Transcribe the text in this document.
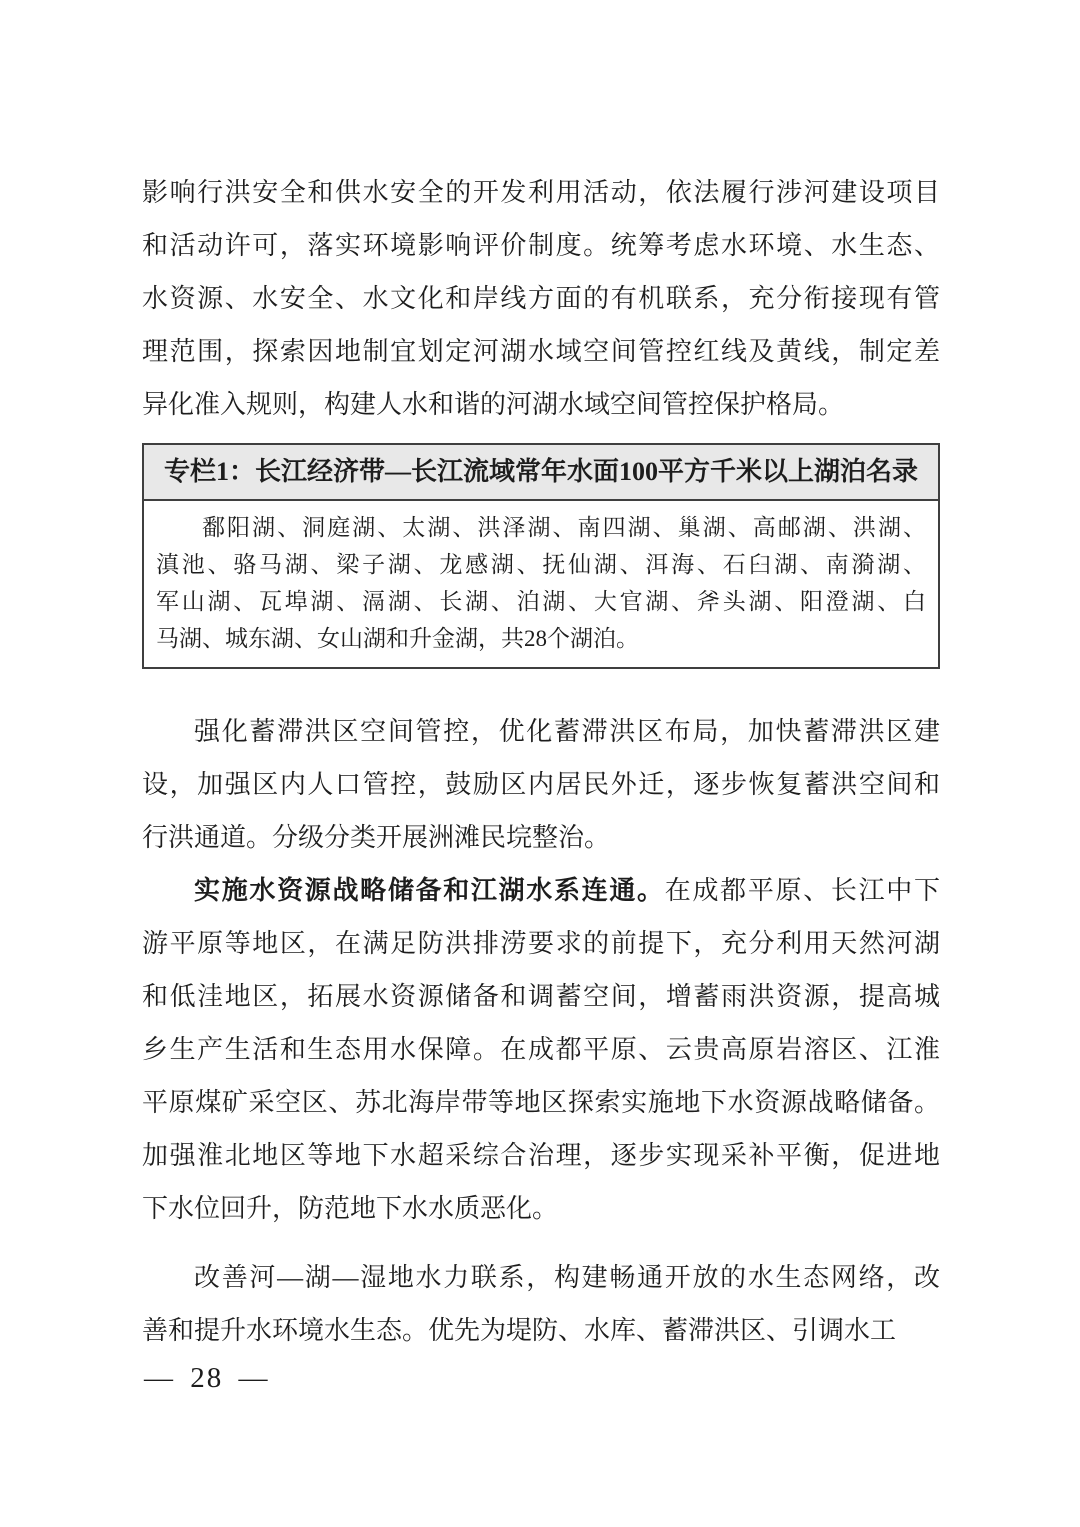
影响行洪安全和供水安全的开发利用活动，依法履行涉河建设项目
和活动许可，落实环境影响评价制度。统筹考虑水环境、水生态、
水资源、水安全、水文化和岸线方面的有机联系，充分衔接现有管
理范围，探索因地制宜划定河湖水域空间管控红线及黄线，制定差
异化准入规则，构建人水和谐的河湖水域空间管控保护格局。
专栏1：长江经济带—长江流域常年水面100平方千米以上湖泊名录
鄱阳湖、洞庭湖、太湖、洪泽湖、南四湖、巢湖、高邮湖、洪湖、
滇池、骆马湖、梁子湖、龙感湖、抚仙湖、洱海、石臼湖、南漪湖、
军山湖、瓦埠湖、滆湖、长湖、泊湖、大官湖、斧头湖、阳澄湖、白
马湖、城东湖、女山湖和升金湖，共28个湖泊。
强化蓄滞洪区空间管控，优化蓄滞洪区布局，加快蓄滞洪区建
设，加强区内人口管控，鼓励区内居民外迁，逐步恢复蓄洪空间和
行洪通道。分级分类开展洲滩民垸整治。
实施水资源战略储备和江湖水系连通。在成都平原、长江中下
游平原等地区，在满足防洪排涝要求的前提下，充分利用天然河湖
和低洼地区，拓展水资源储备和调蓄空间，增蓄雨洪资源，提高城
乡生产生活和生态用水保障。在成都平原、云贵高原岩溶区、江淮
平原煤矿采空区、苏北海岸带等地区探索实施地下水资源战略储备。
加强淮北地区等地下水超采综合治理，逐步实现采补平衡，促进地
下水位回升，防范地下水水质恶化。
改善河—湖—湿地水力联系，构建畅通开放的水生态网络，改
善和提升水环境水生态。优先为堤防、水库、蓄滞洪区、引调水工
— 28 —
